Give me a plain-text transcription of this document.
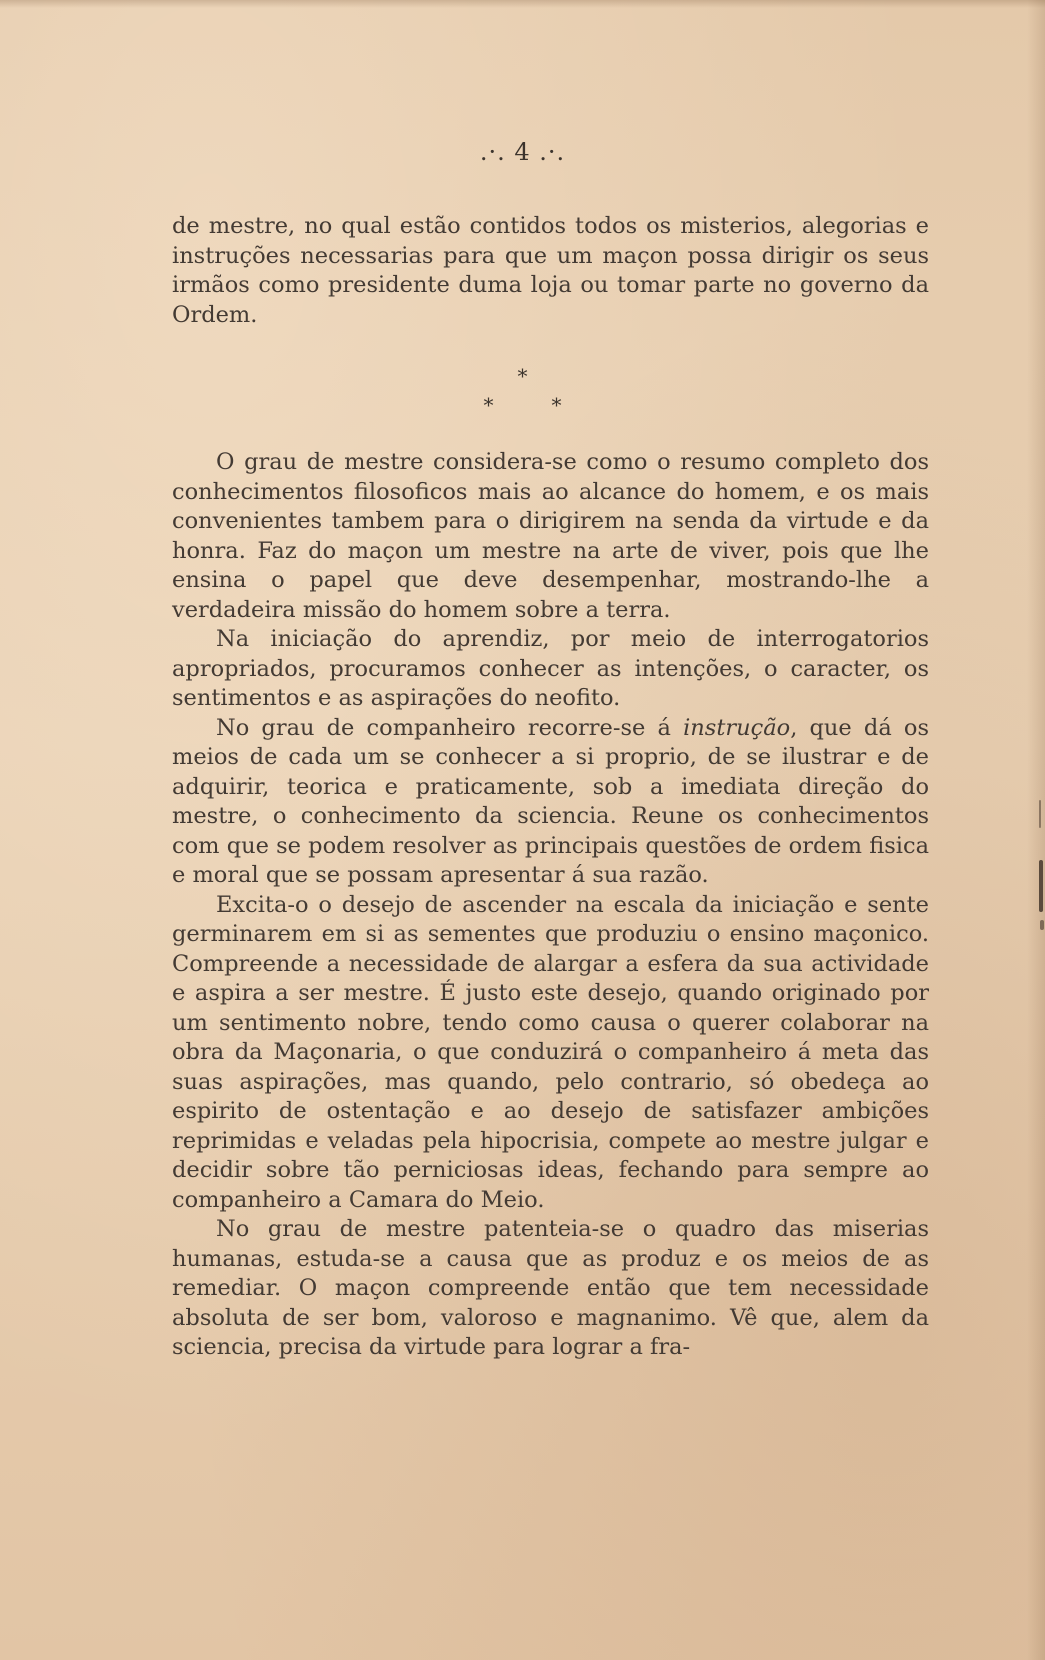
.·. 4 .·.

de mestre, no qual estão contidos todos os misterios, alegorias e instruções necessarias para que um maçon possa dirigir os seus irmãos como presidente duma loja ou tomar parte no governo da Ordem.

*
**

O grau de mestre considera-se como o resumo completo dos conhecimentos filosoficos mais ao alcance do homem, e os mais convenientes tambem para o dirigirem na senda da virtude e da honra. Faz do maçon um mestre na arte de viver, pois que lhe ensina o papel que deve desempenhar, mostrando-lhe a verdadeira missão do homem sobre a terra.

Na iniciação do aprendiz, por meio de interrogatorios apropriados, procuramos conhecer as intenções, o caracter, os sentimentos e as aspirações do neofito.

No grau de companheiro recorre-se á instrução, que dá os meios de cada um se conhecer a si proprio, de se ilustrar e de adquirir, teorica e praticamente, sob a imediata direção do mestre, o conhecimento da sciencia. Reune os conhecimentos com que se podem resolver as principais questões de ordem fisica e moral que se possam apresentar á sua razão.

Excita-o o desejo de ascender na escala da iniciação e sente germinarem em si as sementes que produziu o ensino maçonico. Compreende a necessidade de alargar a esfera da sua actividade e aspira a ser mestre. É justo este desejo, quando originado por um sentimento nobre, tendo como causa o querer colaborar na obra da Maçonaria, o que conduzirá o companheiro á meta das suas aspirações, mas quando, pelo contrario, só obedeça ao espirito de ostentação e ao desejo de satisfazer ambições reprimidas e veladas pela hipocrisia, compete ao mestre julgar e decidir sobre tão perniciosas ideas, fechando para sempre ao companheiro a Camara do Meio.

No grau de mestre patenteia-se o quadro das miserias humanas, estuda-se a causa que as produz e os meios de as remediar. O maçon compreende então que tem necessidade absoluta de ser bom, valoroso e magnanimo. Vê que, alem da sciencia, precisa da virtude para lograr a fra-
